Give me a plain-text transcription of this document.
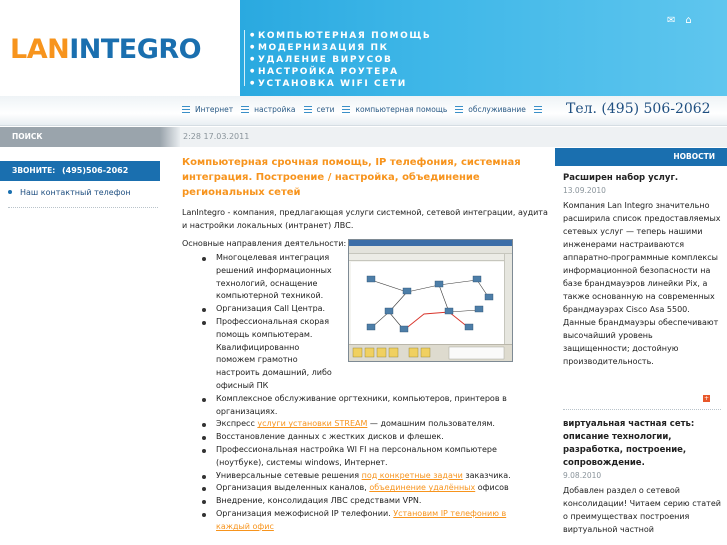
LANINTEGRO
●	КОМПЬЮТЕРНАЯ ПОМОЩЬ
● МОДЕРНИЗАЦИЯ ПК
● УДАЛЕНИЕ ВИРУСОВ
● НАСТРОЙКА РОУТЕРА
● УСТАНОВКА WIFI СЕТИ
✉ ⌂
Интернет	настройка	сети	компьютерная помощь	обслуживание	Тел. (495) 506-2062
ПОИСК	2:28 17.03.2011
ЗВОНИТЕ: (495)506-2062
Наш контактный телефон
Компьютерная срочная помощь, IP телефония, системная интеграция. Построение / настройка, объединение региональных сетей

LanIntegro - компания, предлагающая услуги системной, сетевой интеграции, аудита и настройки локальных (интранет) ЛВС.

Основные направления деятельности:

Многоцелевая интеграция решений информационных технологий, оснащение компьютерной техникой.
Организация Call Центра.
Профессиональная скорая помощь компьютерам. Квалифицированно поможем грамотно настроить домашний, либо офисный ПК
Комплексное обслуживание оргтехники, компьютеров, принтеров в организациях.
Экспресс услуги установки STREAM — домашним пользователям.
Восстановление данных с жестких дисков и флешек.
Профессиональная настройка WI FI на персональном компьютере (ноутбуке), системы windows, Интернет.
Универсальные сетевые решения под конкретные задачи заказчика.
Организация выделенных каналов, объединение удалённых офисов
Внедрение, консолидация ЛВС средствами VPN.
Организация межофисной IP телефонии. Установим IP телефонию в каждый офис
НОВОСТИ
Расширен набор услуг.
13.09.2010

Компания Lan Integro значительно расширила список предоставляемых сетевых услуг — теперь нашими инженерами настраиваются аппаратно-программные комплексы информационной безопасности на базе брандмауэров линейки Pix, а также основанную на современных брандмауэрах Cisco Asa 5500. Данные брандмауэры обеспечивают высочайший уровень защищенности; достойную производительность.

+
виртуальная частная сеть: описание технологии, разработка, построение, сопровождение.
9.08.2010

Добавлен раздел о сетевой консолидации! Читаем серию статей о преимуществах построения виртуальной частной
